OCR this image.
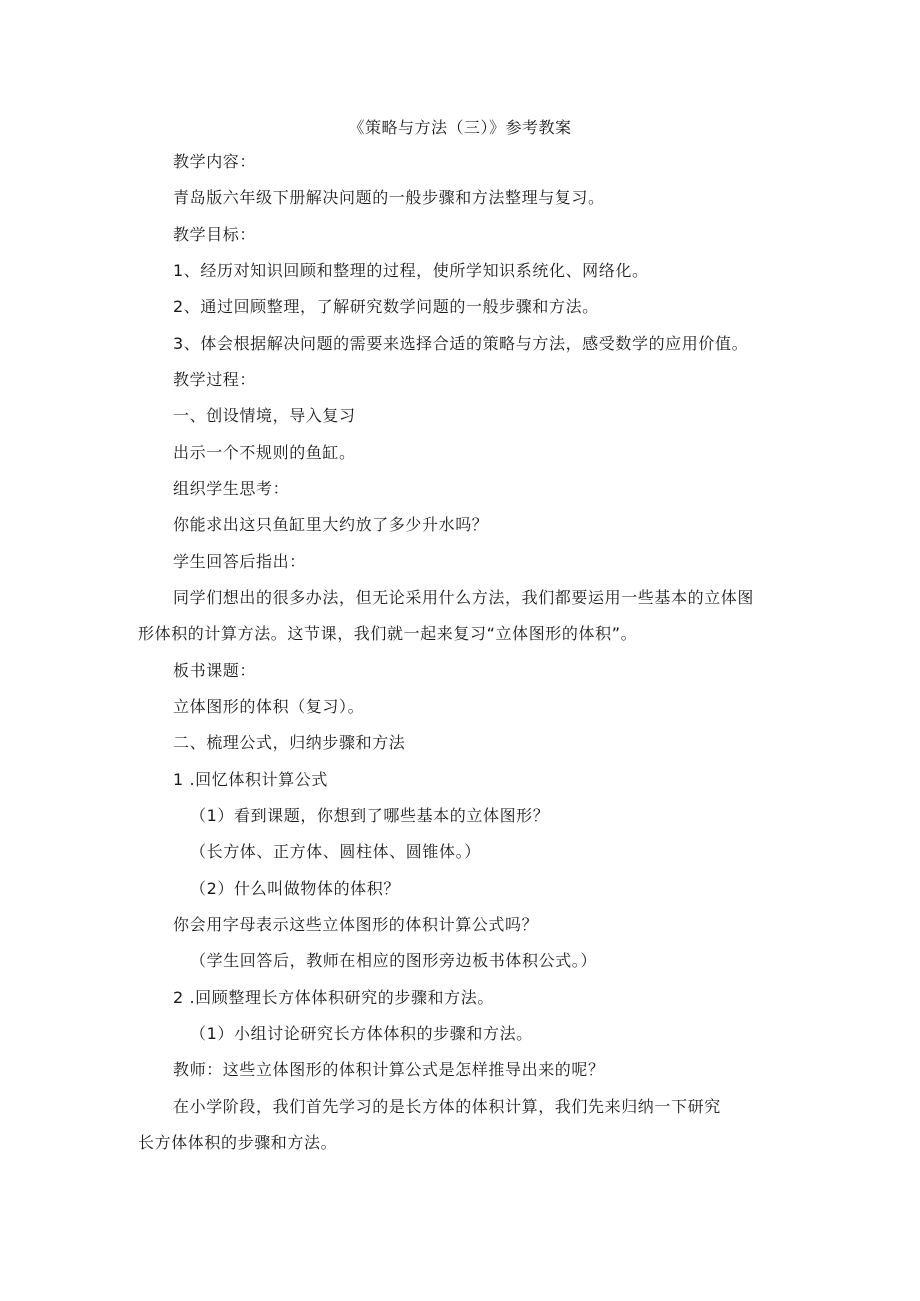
《策略与方法（三）》参考教案
教学内容：
青岛版六年级下册解决问题的一般步骤和方法整理与复习。
教学目标：
1、经历对知识回顾和整理的过程，使所学知识系统化、网络化。
2、通过回顾整理，了解研究数学问题的一般步骤和方法。
3、体会根据解决问题的需要来选择合适的策略与方法，感受数学的应用价值。
教学过程：
一、创设情境，导入复习
出示一个不规则的鱼缸。
组织学生思考：
你能求出这只鱼缸里大约放了多少升水吗？
学生回答后指出：
同学们想出的很多办法，但无论采用什么方法，我们都要运用一些基本的立体图
形体积的计算方法。这节课，我们就一起来复习“立体图形的体积”。
板书课题：
立体图形的体积（复习）。
二、梳理公式，归纳步骤和方法
1 .回忆体积计算公式
（1）看到课题，你想到了哪些基本的立体图形？
（长方体、正方体、圆柱体、圆锥体。）
（2）什么叫做物体的体积？
你会用字母表示这些立体图形的体积计算公式吗？
（学生回答后，教师在相应的图形旁边板书体积公式。）
2 .回顾整理长方体体积研究的步骤和方法。
（1）小组讨论研究长方体体积的步骤和方法。
教师：这些立体图形的体积计算公式是怎样推导出来的呢？
在小学阶段，我们首先学习的是长方体的体积计算，我们先来归纳一下研究
长方体体积的步骤和方法。
